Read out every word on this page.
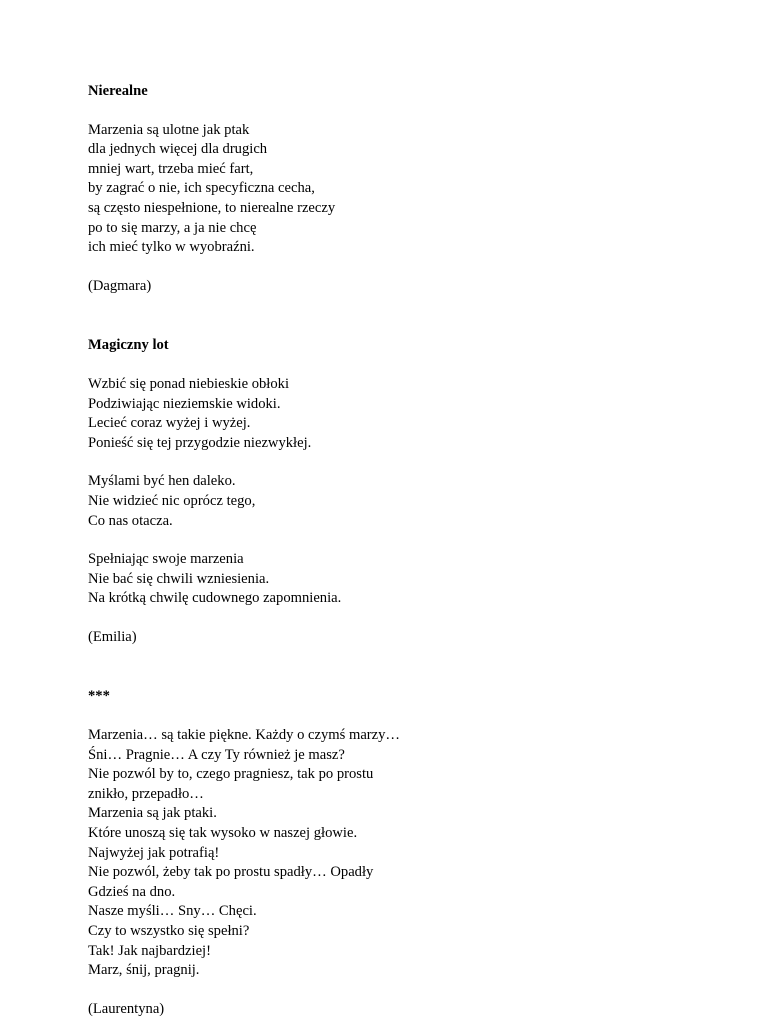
Nierealne

Marzenia są ulotne jak ptak

dla jednych więcej dla drugich

mniej wart, trzeba mieć fart,

by zagrać o nie, ich specyficzna cecha,

są często niespełnione, to nierealne rzeczy

po to się marzy, a ja nie chcę

ich mieć tylko w wyobraźni.

(Dagmara)

Magiczny lot

Wzbić się ponad niebieskie obłoki

Podziwiając nieziemskie widoki.

Lecieć coraz wyżej i wyżej.

Ponieść się tej przygodzie niezwykłej.

Myślami być hen daleko.

Nie widzieć nic oprócz tego,

Co nas otacza.

Spełniając swoje marzenia

Nie bać się chwili wzniesienia.

Na krótką chwilę cudownego zapomnienia.

(Emilia)

***

Marzenia… są takie piękne. Każdy o czymś marzy…

Śni… Pragnie… A czy Ty również je masz?

Nie pozwól by to, czego pragniesz, tak po prostu

znikło, przepadło…

Marzenia są jak ptaki.

Które unoszą się tak wysoko w naszej głowie.

Najwyżej jak potrafią!

Nie pozwól, żeby tak po prostu spadły… Opadły

Gdzieś na dno.

Nasze myśli… Sny… Chęci.

Czy to wszystko się spełni?

Tak! Jak najbardziej!

Marz, śnij, pragnij.

(Laurentyna)
